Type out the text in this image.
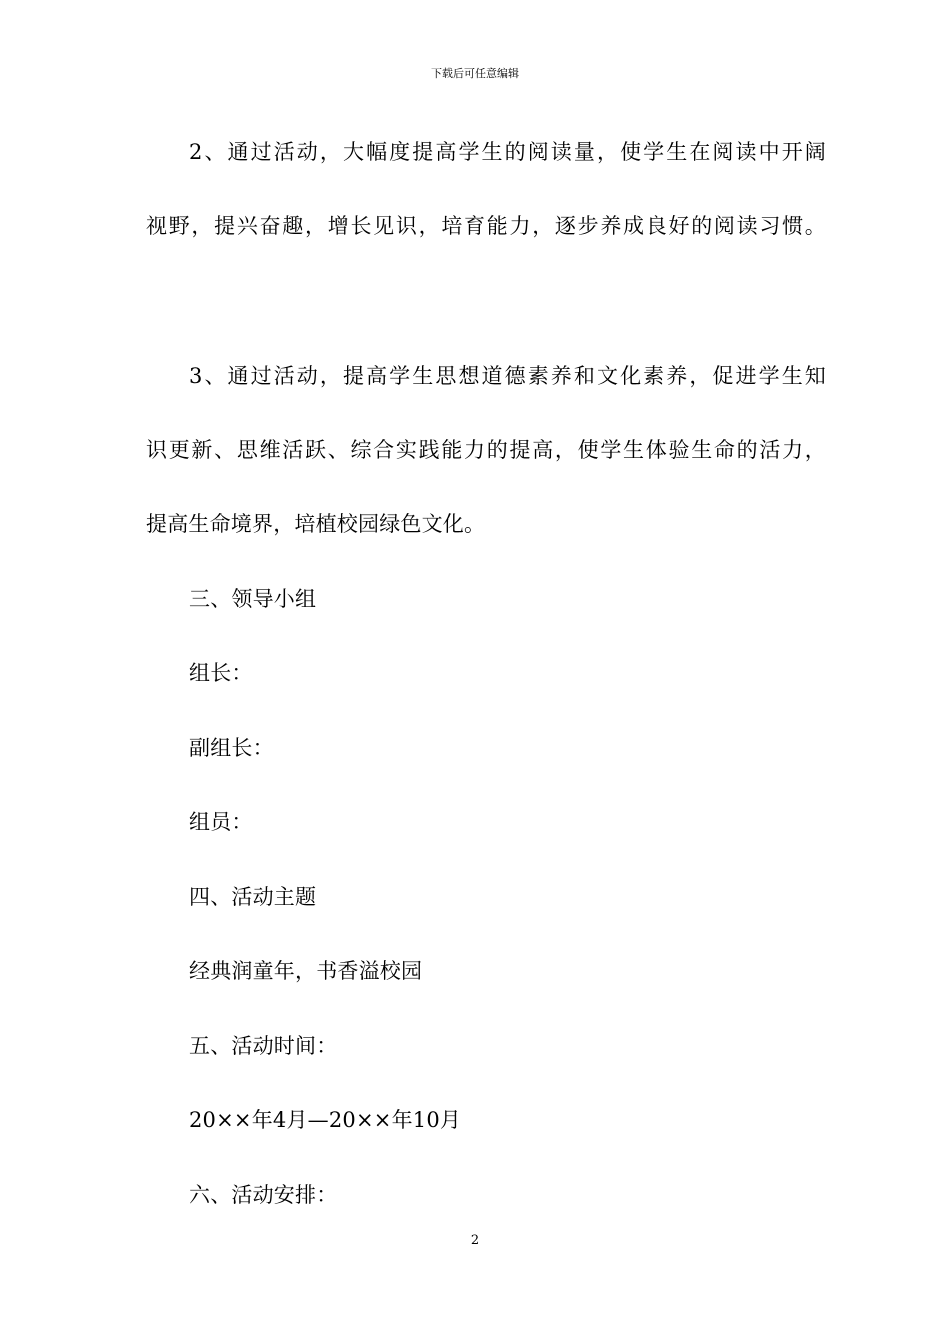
下载后可任意编辑
2、通过活动，大幅度提高学生的阅读量，使学生在阅读中开阔
视野，提兴奋趣，增长见识，培育能力，逐步养成良好的阅读习惯。
3、通过活动，提高学生思想道德素养和文化素养，促进学生知
识更新、思维活跃、综合实践能力的提高，使学生体验生命的活力，
提高生命境界，培植校园绿色文化。
三、领导小组
组长：
副组长：
组员：
四、活动主题
经典润童年，书香溢校园
五、活动时间：
20××年4月—20××年10月
六、活动安排：
2
